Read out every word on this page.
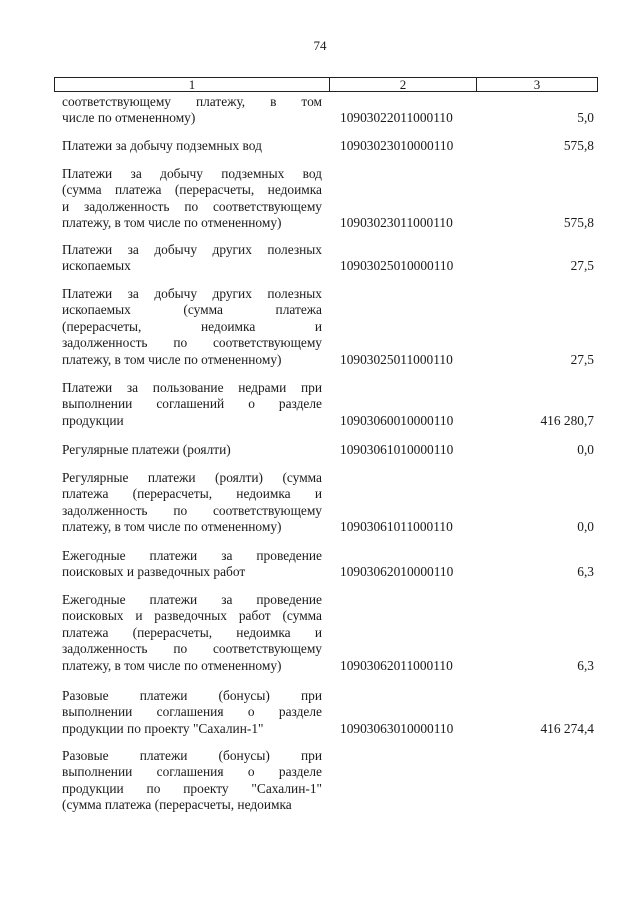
74
1	2	3
соответствующему платежу, в том
числе по отмененному)	10903022011000110	5,0
Платежи за добычу подземных вод	10903023010000110	575,8
Платежи за добычу подземных вод
(сумма платежа (перерасчеты, недоимка
и задолженность по соответствующему
платежу, в том числе по отмененному)	10903023011000110	575,8
Платежи за добычу других полезных
ископаемых	10903025010000110	27,5
Платежи за добычу других полезных
ископаемых (сумма платежа
(перерасчеты, недоимка и
задолженность по соответствующему
платежу, в том числе по отмененному)	10903025011000110	27,5
Платежи за пользование недрами при
выполнении соглашений о разделе
продукции	10903060010000110	416 280,7
Регулярные платежи (роялти)	10903061010000110	0,0
Регулярные платежи (роялти) (сумма
платежа (перерасчеты, недоимка и
задолженность по соответствующему
платежу, в том числе по отмененному)	10903061011000110	0,0
Ежегодные платежи за проведение
поисковых и разведочных работ	10903062010000110	6,3
Ежегодные платежи за проведение
поисковых и разведочных работ (сумма
платежа (перерасчеты, недоимка и
задолженность по соответствующему
платежу, в том числе по отмененному)	10903062011000110	6,3
Разовые платежи (бонусы) при
выполнении соглашения о разделе
продукции по проекту "Сахалин-1"	10903063010000110	416 274,4
Разовые платежи (бонусы) при
выполнении соглашения о разделе
продукции по проекту "Сахалин-1"
(сумма платежа (перерасчеты, недоимка
